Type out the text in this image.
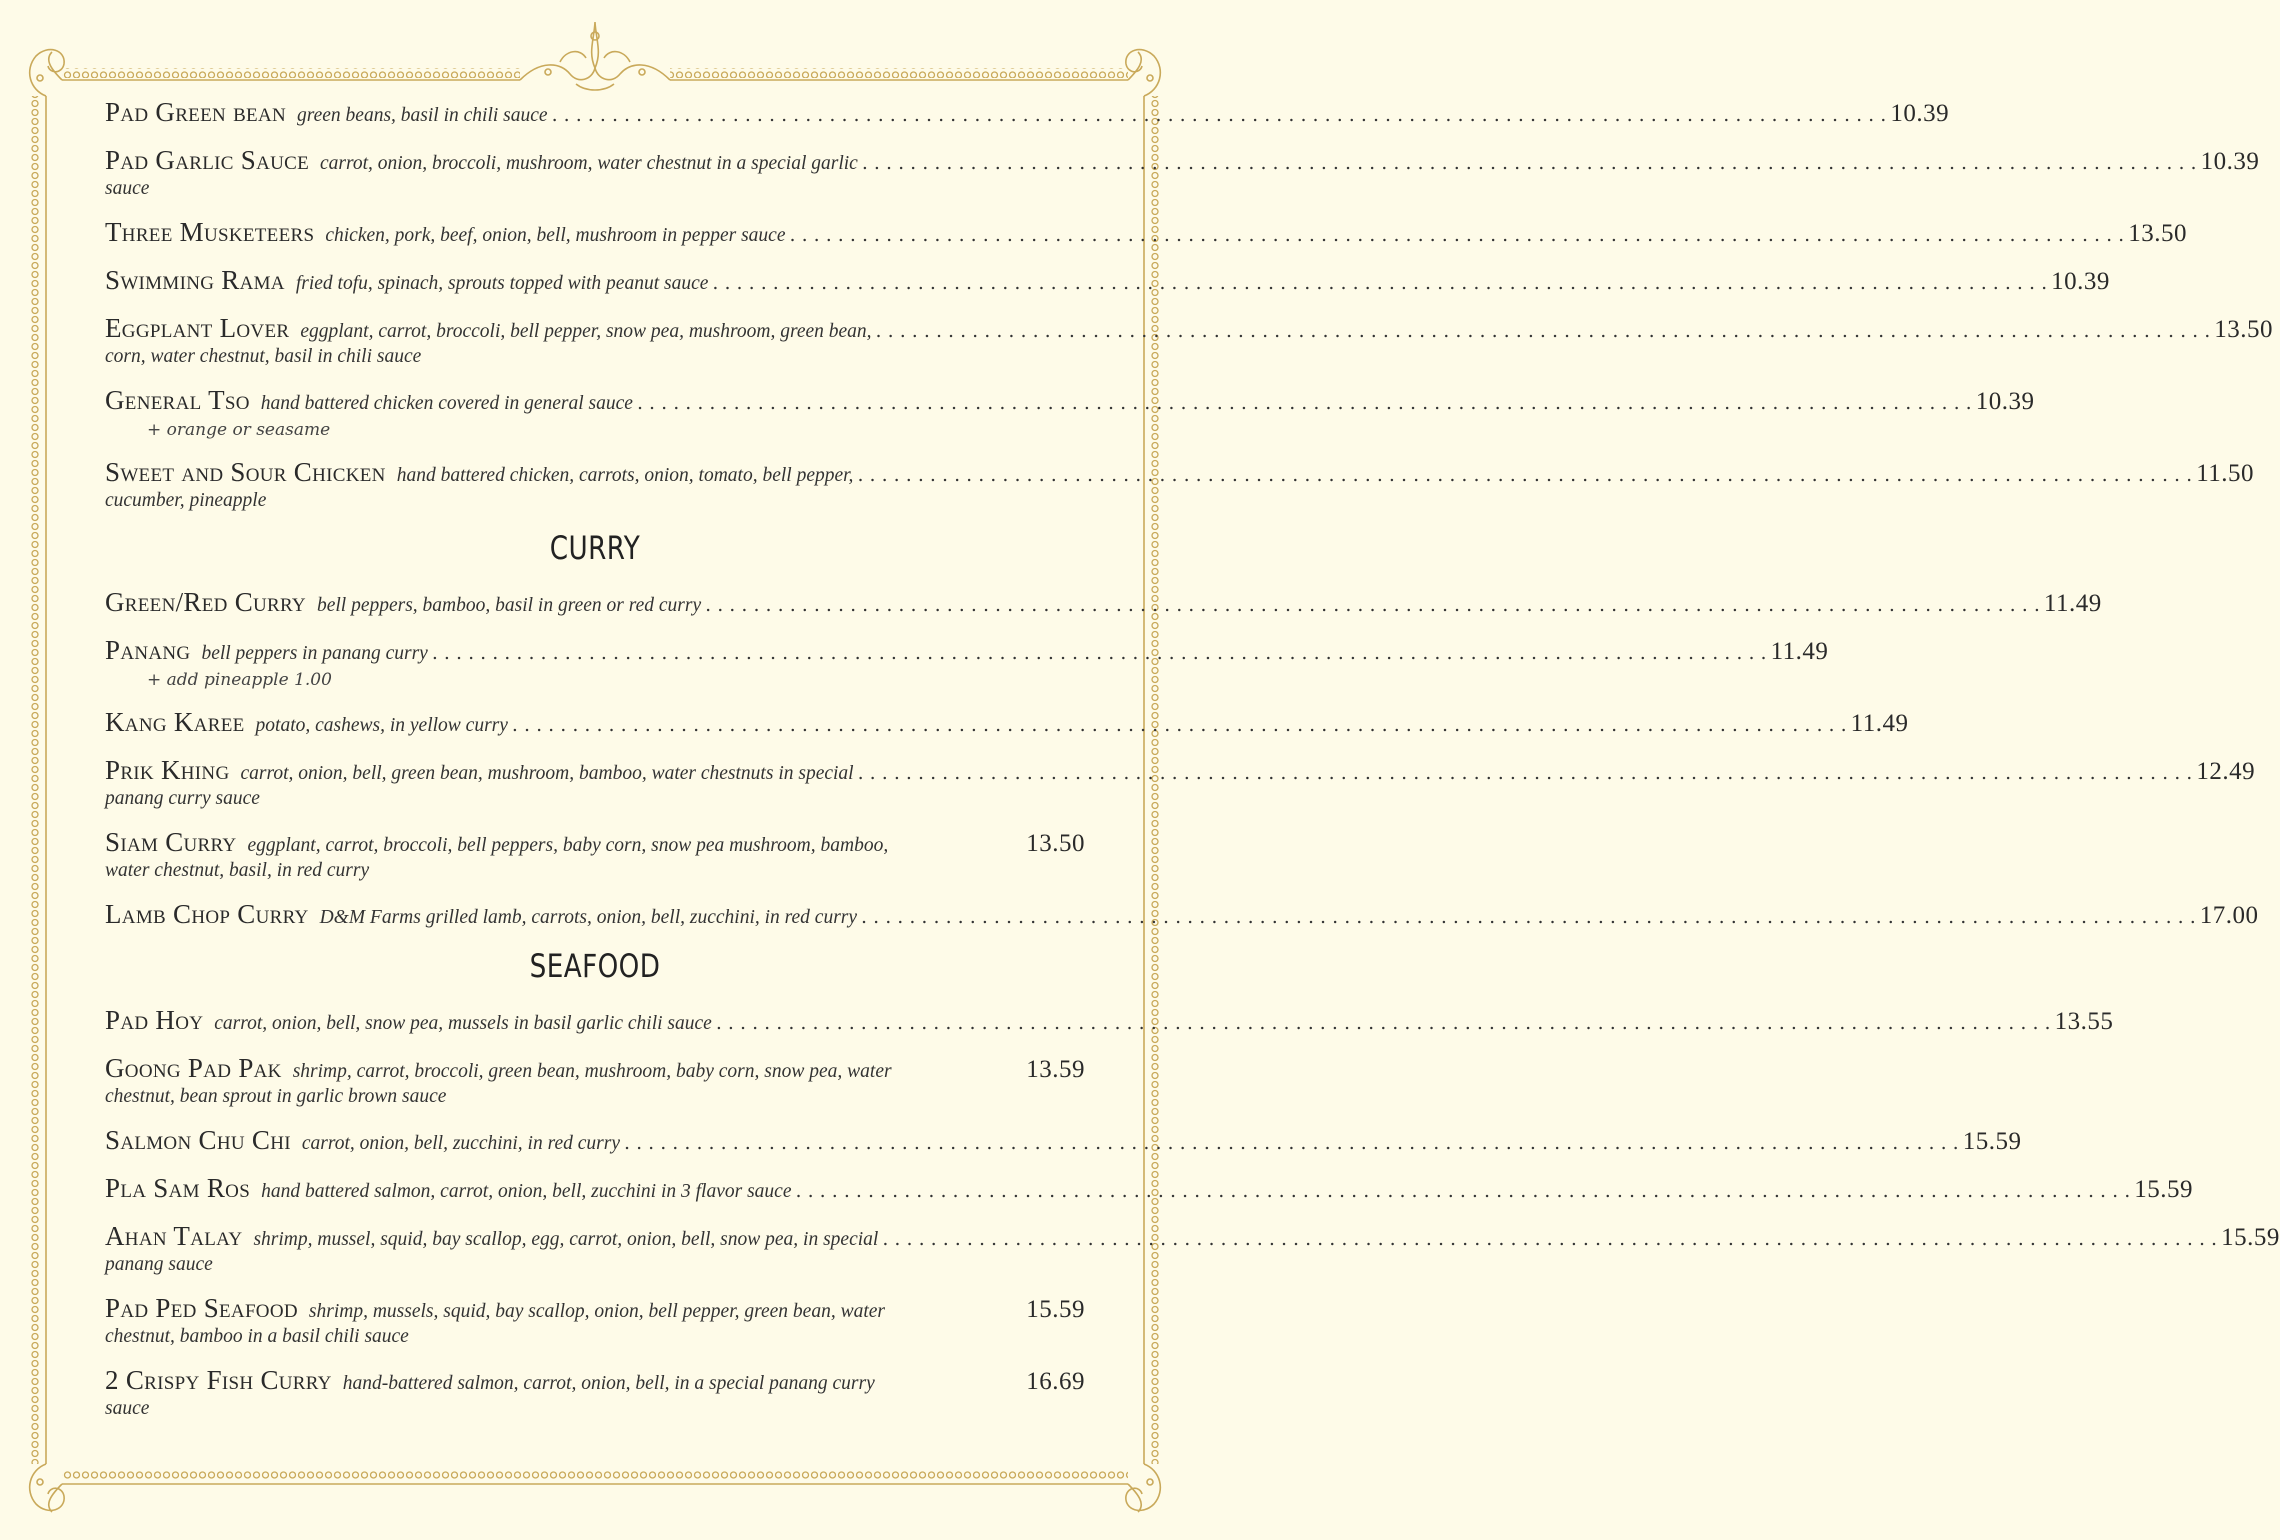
Pad Green bean green beans, basil in chili sauce . . .	10.39
Pad Garlic Sauce carrot, onion, broccoli, mushroom, water chestnut in a special garlic . . .	10.39
sauce
Three Musketeers chicken, pork, beef, onion, bell, mushroom in pepper sauce . . .	13.50
Swimming Rama fried tofu, spinach, sprouts topped with peanut sauce . . .	10.39
Eggplant Lover eggplant, carrot, broccoli, bell pepper, snow pea, mushroom, green bean, . . .	13.50
corn, water chestnut, basil in chili sauce
General Tso hand battered chicken covered in general sauce . . .	10.39
+ orange or seasame
Sweet and Sour Chicken hand battered chicken, carrots, onion, tomato, bell pepper, . . .	11.50
cucumber, pineapple
CURRY
Green/Red Curry bell peppers, bamboo, basil in green or red curry . . .	11.49
Panang bell peppers in panang curry . . .	11.49
+ add pineapple 1.00
Kang Karee potato, cashews, in yellow curry . . .	11.49
Prik Khing carrot, onion, bell, green bean, mushroom, bamboo, water chestnuts in special . . .	12.49
panang curry sauce
Siam Curry eggplant, carrot, broccoli, bell peppers, baby corn, snow pea mushroom, bamboo,	13.50
water chestnut, basil, in red curry
Lamb Chop Curry D&M Farms grilled lamb, carrots, onion, bell, zucchini, in red curry . . .	17.00
SEAFOOD
Pad Hoy carrot, onion, bell, snow pea, mussels in basil garlic chili sauce . . .	13.55
Goong Pad Pak shrimp, carrot, broccoli, green bean, mushroom, baby corn, snow pea, water	13.59
chestnut, bean sprout in garlic brown sauce
Salmon Chu Chi carrot, onion, bell, zucchini, in red curry . . .	15.59
Pla Sam Ros hand battered salmon, carrot, onion, bell, zucchini in 3 flavor sauce . . .	15.59
Ahan Talay shrimp, mussel, squid, bay scallop, egg, carrot, onion, bell, snow pea, in special . . .	15.59
panang sauce
Pad Ped Seafood shrimp, mussels, squid, bay scallop, onion, bell pepper, green bean, water	15.59
chestnut, bamboo in a basil chili sauce
2 Crispy Fish Curry hand-battered salmon, carrot, onion, bell, in a special panang curry	16.69
sauce
